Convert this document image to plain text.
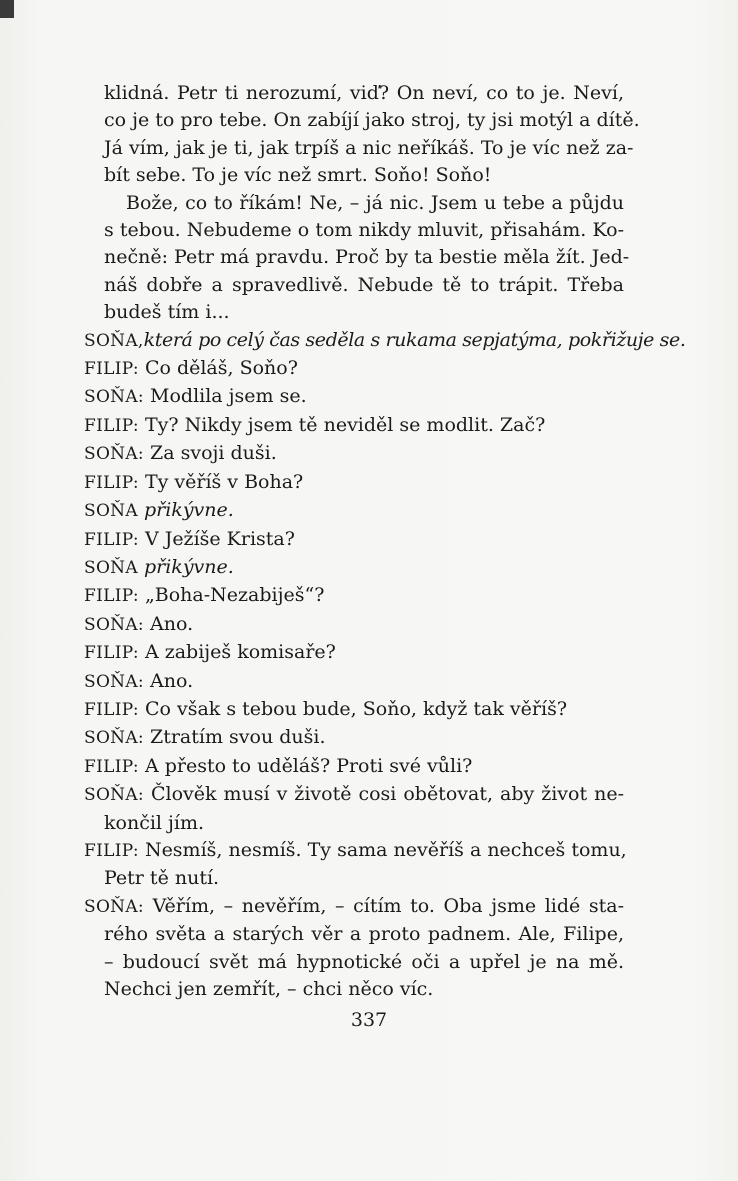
klidná. Petr ti nerozumí, viď? On neví, co to je. Neví,

co je to pro tebe. On zabíjí jako stroj, ty jsi motýl a dítě.

Já vím, jak je ti, jak trpíš a nic neříkáš. To je víc než za-

bít sebe. To je víc než smrt. Soňo! Soňo!

Bože, co to říkám! Ne, – já nic. Jsem u tebe a půjdu

s tebou. Nebudeme o tom nikdy mluvit, přisahám. Ko-

nečně: Petr má pravdu. Proč by ta bestie měla žít. Jed-

náš dobře a spravedlivě. Nebude tě to trápit. Třeba

budeš tím i...

SOŇA,která po celý čas seděla s rukama sepjatýma, pokřižuje se.

FILIP: Co děláš, Soňo?

SOŇA: Modlila jsem se.

FILIP: Ty? Nikdy jsem tě neviděl se modlit. Zač?

SOŇA: Za svoji duši.

FILIP: Ty věříš v Boha?

SOŇA přikývne.

FILIP: V Ježíše Krista?

SOŇA přikývne.

FILIP: „Boha-Nezabiješ“?

SOŇA: Ano.

FILIP: A zabiješ komisaře?

SOŇA: Ano.

FILIP: Co však s tebou bude, Soňo, když tak věříš?

SOŇA: Ztratím svou duši.

FILIP: A přesto to uděláš? Proti své vůli?

SOŇA: Člověk musí v životě cosi obětovat, aby život ne-

končil jím.

FILIP: Nesmíš, nesmíš. Ty sama nevěříš a nechceš tomu,

Petr tě nutí.

SOŇA: Věřím, – nevěřím, – cítím to. Oba jsme lidé sta-

rého světa a starých věr a proto padnem. Ale, Filipe,

– budoucí svět má hypnotické oči a upřel je na mě.

Nechci jen zemřít, – chci něco víc.

337
